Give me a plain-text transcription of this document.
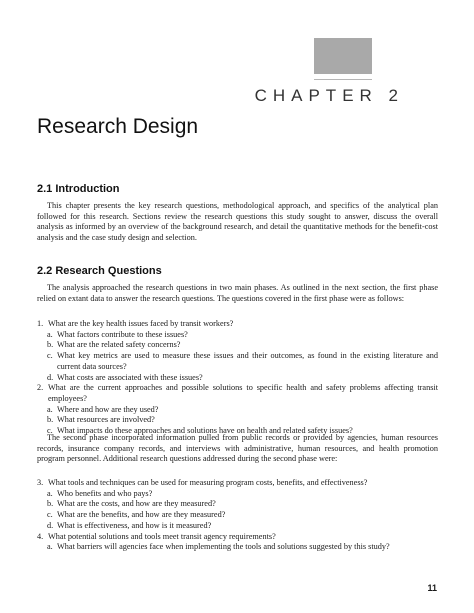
CHAPTER 2
Research Design
2.1 Introduction

This chapter presents the key research questions, methodological approach, and specifics of the analytical plan followed for this research. Sections review the research questions this study sought to answer, discuss the overall analysis as informed by an overview of the background research, and detail the quantitative methods for the benefit-cost analysis and the case study design and selection.

2.2 Research Questions

The analysis approached the research questions in two main phases. As outlined in the next section, the first phase relied on extant data to answer the research questions. The questions covered in the first phase were as follows:

1. What are the key health issues faced by transit workers?
a. What factors contribute to these issues?
b. What are the related safety concerns?
c. What key metrics are used to measure these issues and their outcomes, as found in the existing literature and current data sources?
d. What costs are associated with these issues?
2. What are the current approaches and possible solutions to specific health and safety problems affecting transit employees?
a. Where and how are they used?
b. What resources are involved?
c. What impacts do these approaches and solutions have on health and related safety issues?

The second phase incorporated information pulled from public records or provided by agencies, human resources records, insurance company records, and interviews with administrative, human resources, and health promotion program personnel. Additional research questions addressed during the second phase were:

3. What tools and techniques can be used for measuring program costs, benefits, and effectiveness?
a. Who benefits and who pays?
b. What are the costs, and how are they measured?
c. What are the benefits, and how are they measured?
d. What is effectiveness, and how is it measured?
4. What potential solutions and tools meet transit agency requirements?
a. What barriers will agencies face when implementing the tools and solutions suggested by this study?
11
